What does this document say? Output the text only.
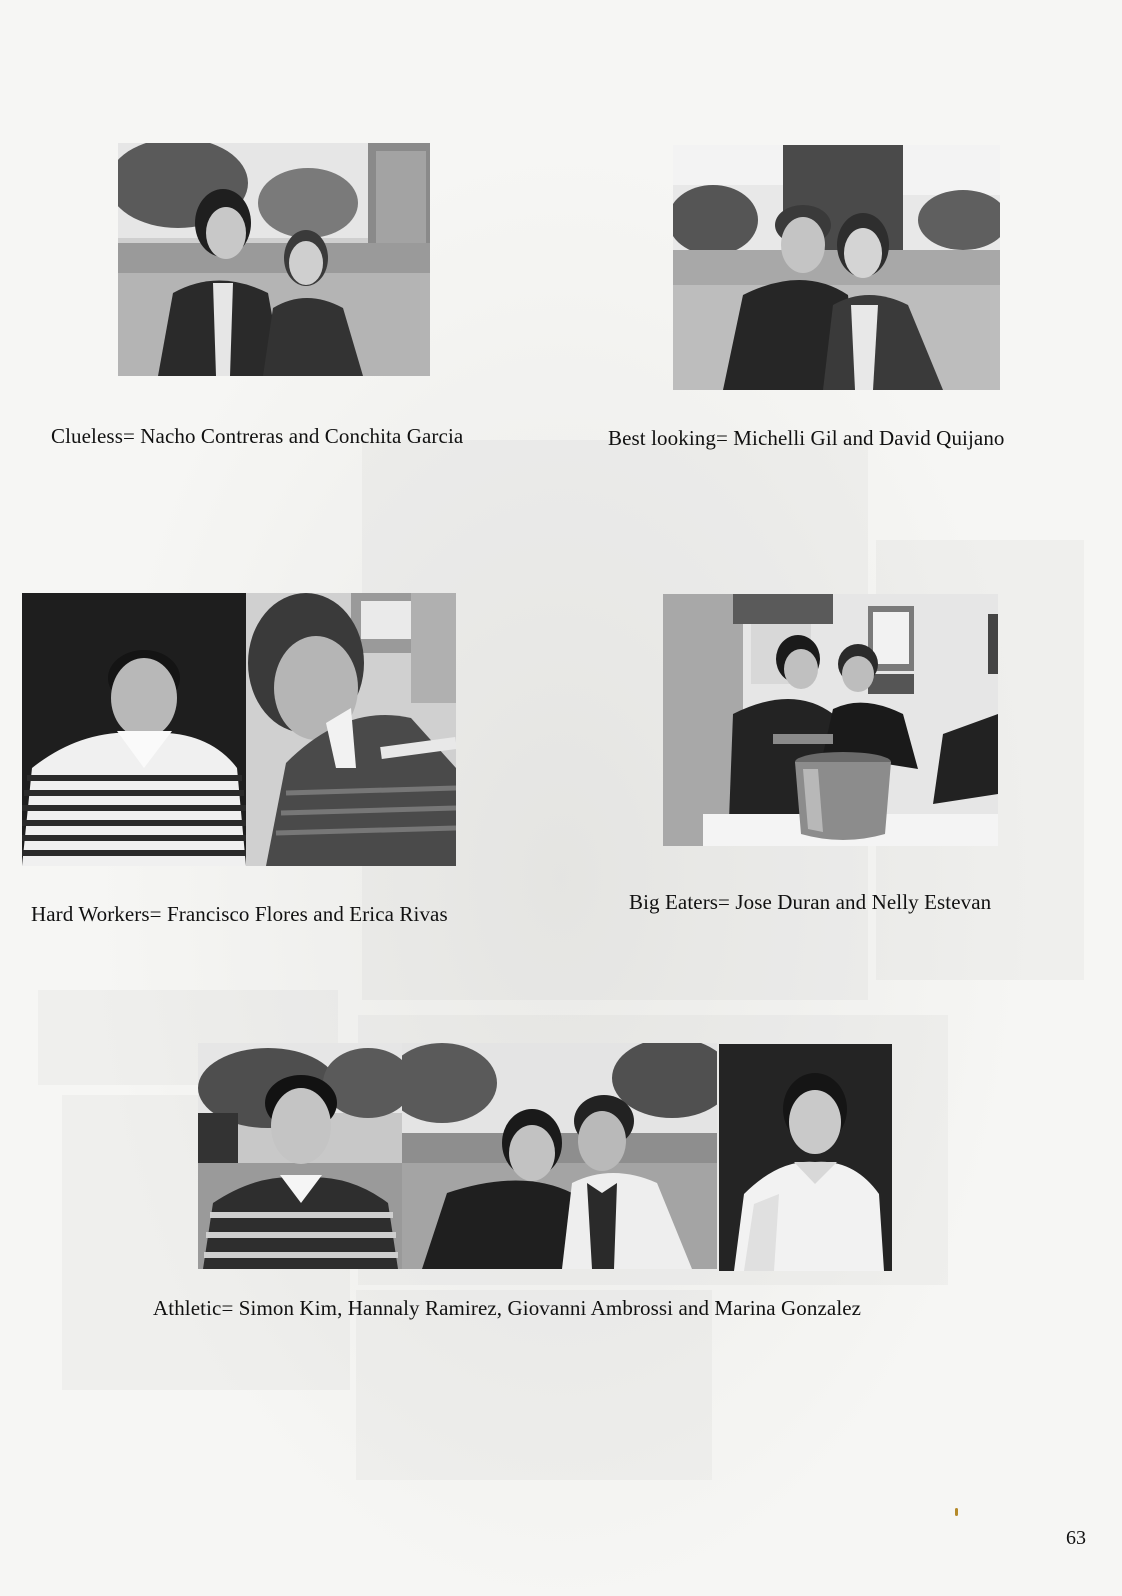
Clueless= Nacho Contreras and Conchita Garcia	Best looking= Michelli Gil and David Quijano
Hard Workers= Francisco Flores and Erica Rivas	Big Eaters= Jose Duran and Nelly Estevan
Athletic= Simon Kim, Hannaly Ramirez, Giovanni Ambrossi and Marina Gonzalez
63
